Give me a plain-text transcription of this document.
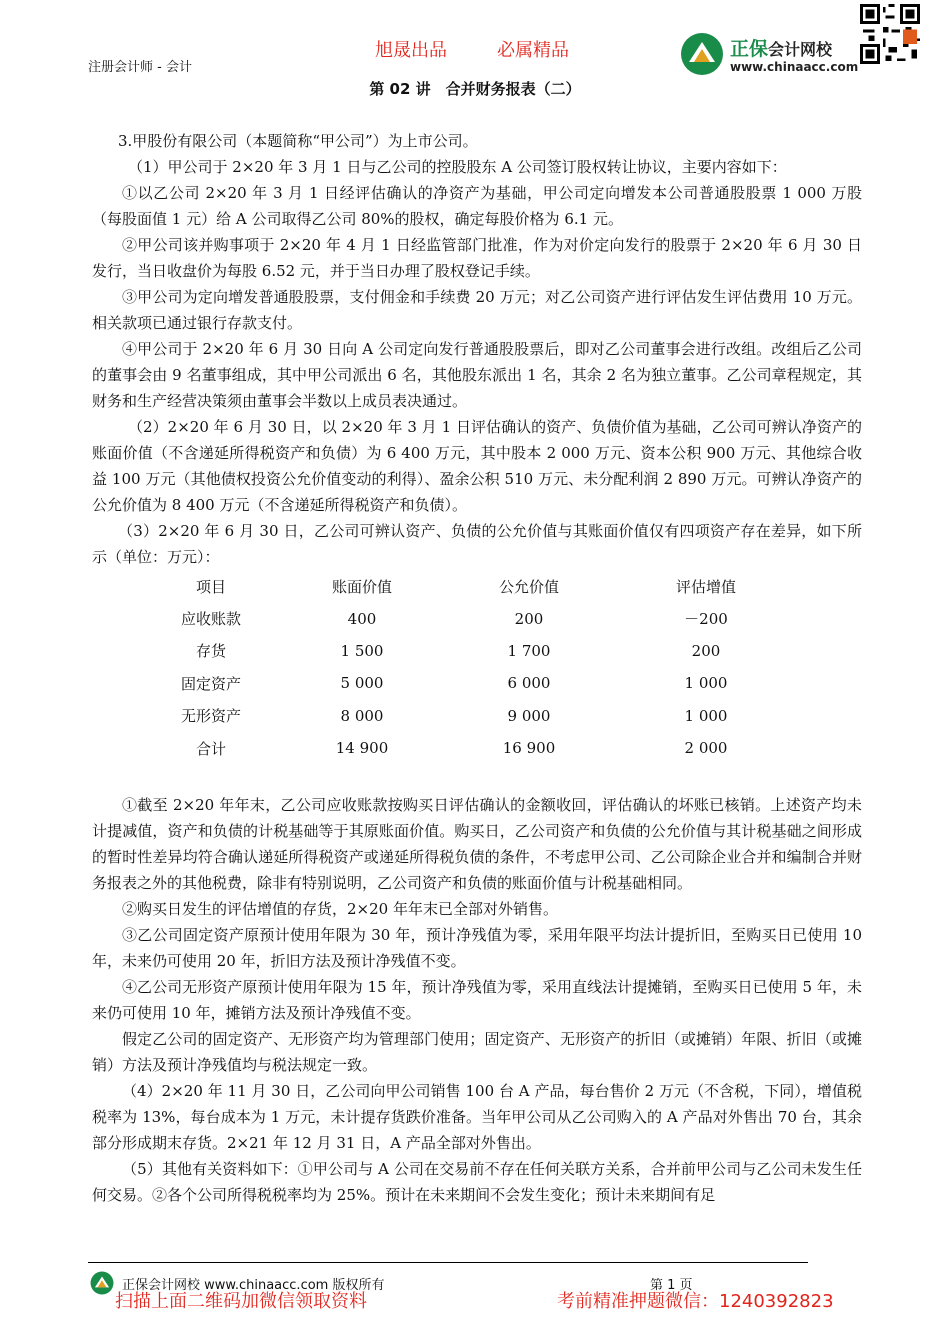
注册会计师 - 会计
旭晟出品	必属精品	正保会计网校
www.chinaacc.com
第 02 讲　合并财务报表（二）

3.甲股份有限公司（本题简称“甲公司”）为上市公司。

（1）甲公司于 2×20 年 3 月 1 日与乙公司的控股股东 A 公司签订股权转让协议，主要内容如下：

①以乙公司 2×20 年 3 月 1 日经评估确认的净资产为基础，甲公司定向增发本公司普通股股票 1 000 万股（每股面值 1 元）给 A 公司取得乙公司 80%的股权，确定每股价格为 6.1 元。

②甲公司该并购事项于 2×20 年 4 月 1 日经监管部门批准，作为对价定向发行的股票于 2×20 年 6 月 30 日发行，当日收盘价为每股 6.52 元，并于当日办理了股权登记手续。

③甲公司为定向增发普通股股票，支付佣金和手续费 20 万元；对乙公司资产进行评估发生评估费用 10 万元。相关款项已通过银行存款支付。

④甲公司于 2×20 年 6 月 30 日向 A 公司定向发行普通股股票后，即对乙公司董事会进行改组。改组后乙公司的董事会由 9 名董事组成，其中甲公司派出 6 名，其他股东派出 1 名，其余 2 名为独立董事。乙公司章程规定，其财务和生产经营决策须由董事会半数以上成员表决通过。

（2）2×20 年 6 月 30 日，以 2×20 年 3 月 1 日评估确认的资产、负债价值为基础，乙公司可辨认净资产的账面价值（不含递延所得税资产和负债）为 6 400 万元，其中股本 2 000 万元、资本公积 900 万元、其他综合收益 100 万元（其他债权投资公允价值变动的利得）、盈余公积 510 万元、未分配利润 2 890 万元。可辨认净资产的公允价值为 8 400 万元（不含递延所得税资产和负债）。

（3）2×20 年 6 月 30 日，乙公司可辨认资产、负债的公允价值与其账面价值仅有四项资产存在差异，如下所示（单位：万元）：

项目	账面价值	公允价值	评估增值
应收账款	400	200	－200
存货	1 500	1 700	200
固定资产	5 000	6 000	1 000
无形资产	8 000	9 000	1 000
合计	14 900	16 900	2 000

①截至 2×20 年年末，乙公司应收账款按购买日评估确认的金额收回，评估确认的坏账已核销。上述资产均未计提减值，资产和负债的计税基础等于其原账面价值。购买日，乙公司资产和负债的公允价值与其计税基础之间形成的暂时性差异均符合确认递延所得税资产或递延所得税负债的条件，不考虑甲公司、乙公司除企业合并和编制合并财务报表之外的其他税费，除非有特别说明，乙公司资产和负债的账面价值与计税基础相同。

②购买日发生的评估增值的存货，2×20 年年末已全部对外销售。

③乙公司固定资产原预计使用年限为 30 年，预计净残值为零，采用年限平均法计提折旧，至购买日已使用 10 年，未来仍可使用 20 年，折旧方法及预计净残值不变。

④乙公司无形资产原预计使用年限为 15 年，预计净残值为零，采用直线法计提摊销，至购买日已使用 5 年，未来仍可使用 10 年，摊销方法及预计净残值不变。

假定乙公司的固定资产、无形资产均为管理部门使用；固定资产、无形资产的折旧（或摊销）年限、折旧（或摊销）方法及预计净残值均与税法规定一致。

（4）2×20 年 11 月 30 日，乙公司向甲公司销售 100 台 A 产品，每台售价 2 万元（不含税，下同），增值税税率为 13%，每台成本为 1 万元，未计提存货跌价准备。当年甲公司从乙公司购入的 A 产品对外售出 70 台，其余部分形成期末存货。2×21 年 12 月 31 日，A 产品全部对外售出。

（5）其他有关资料如下：①甲公司与 A 公司在交易前不存在任何关联方关系，合并前甲公司与乙公司未发生任何交易。②各个公司所得税税率均为 25%。预计在未来期间不会发生变化；预计未来期间有足

正保会计网校 www.chinaacc.com 版权所有	第 1 页
扫描上面二维码加微信领取资料	考前精准押题微信：1240392823
